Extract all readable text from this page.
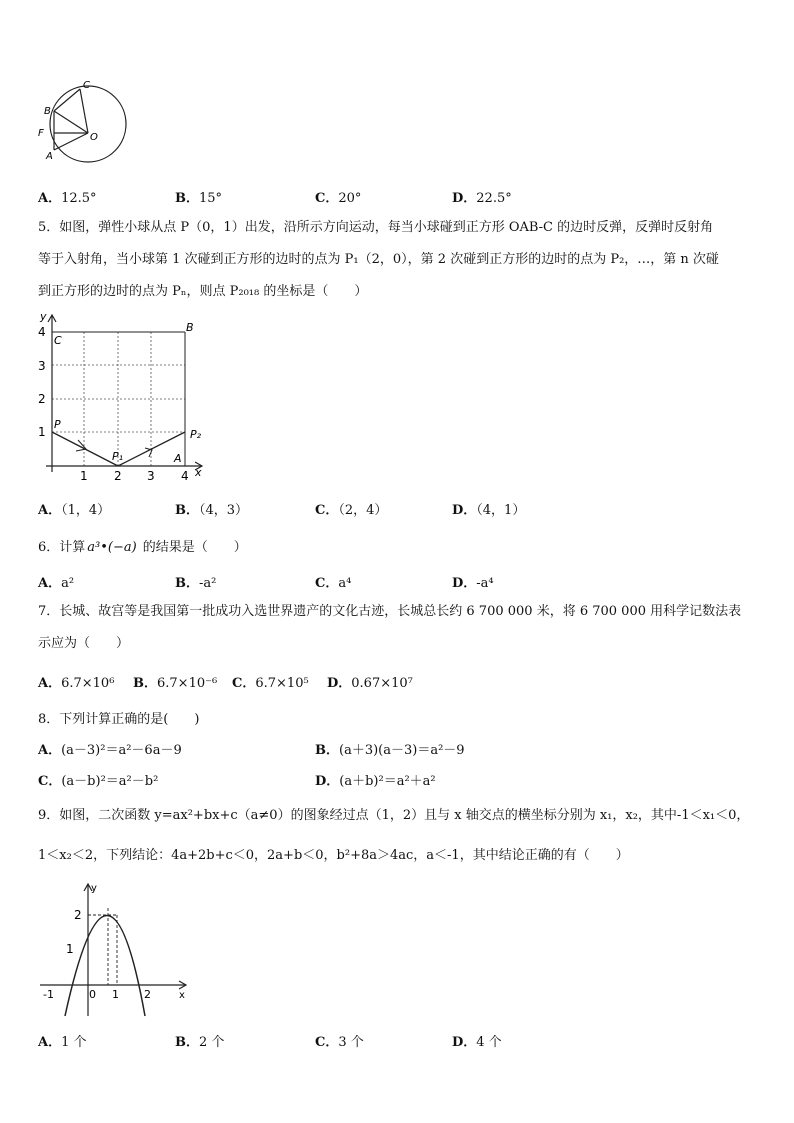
C
B
F
A
O
A．12.5°	B．15°	C．20°	D．22.5°
5．如图，弹性小球从点 P（0，1）出发，沿所示方向运动，每当小球碰到正方形 OAB-C 的边时反弹，反弹时反射角
等于入射角，当小球第 1 次碰到正方形的边时的点为 P₁（2，0），第 2 次碰到正方形的边时的点为 P₂，…，第 n 次碰
到正方形的边时的点为 Pₙ，则点 P₂₀₁₈ 的坐标是（　　）
y
x
4
3
2
1
1 2 3 4
C
B
P
P₁
P₂
A
A．（1，4）	B．（4，3）	C．（2，4）	D．（4，1）
6．计算 a³•(−a) 的结果是（　　）
A．a²	B．-a²	C．a⁴	D．-a⁴
7．长城、故宫等是我国第一批成功入选世界遗产的文化古迹，长城总长约 6 700 000 米，将 6 700 000 用科学记数法表
示应为（　　）
A．6.7×10⁶ B．6.7×10⁻⁶ C．6.7×10⁵ D．0.67×10⁷
8．下列计算正确的是(　　)
A．(a－3)²＝a²－6a－9	B．(a＋3)(a－3)＝a²－9
C．(a－b)²＝a²－b²	D．(a＋b)²＝a²＋a²
9．如图，二次函数 y=ax²+bx+c（a≠0）的图象经过点（1，2）且与 x 轴交点的横坐标分别为 x₁，x₂，其中-1＜x₁＜0，
1＜x₂＜2，下列结论：4a+2b+c＜0，2a+b＜0，b²+8a＞4ac，a＜-1，其中结论正确的有（　　）
y
x
2
1
-1	0 1 2
A．1 个	B．2 个	C．3 个	D．4 个
